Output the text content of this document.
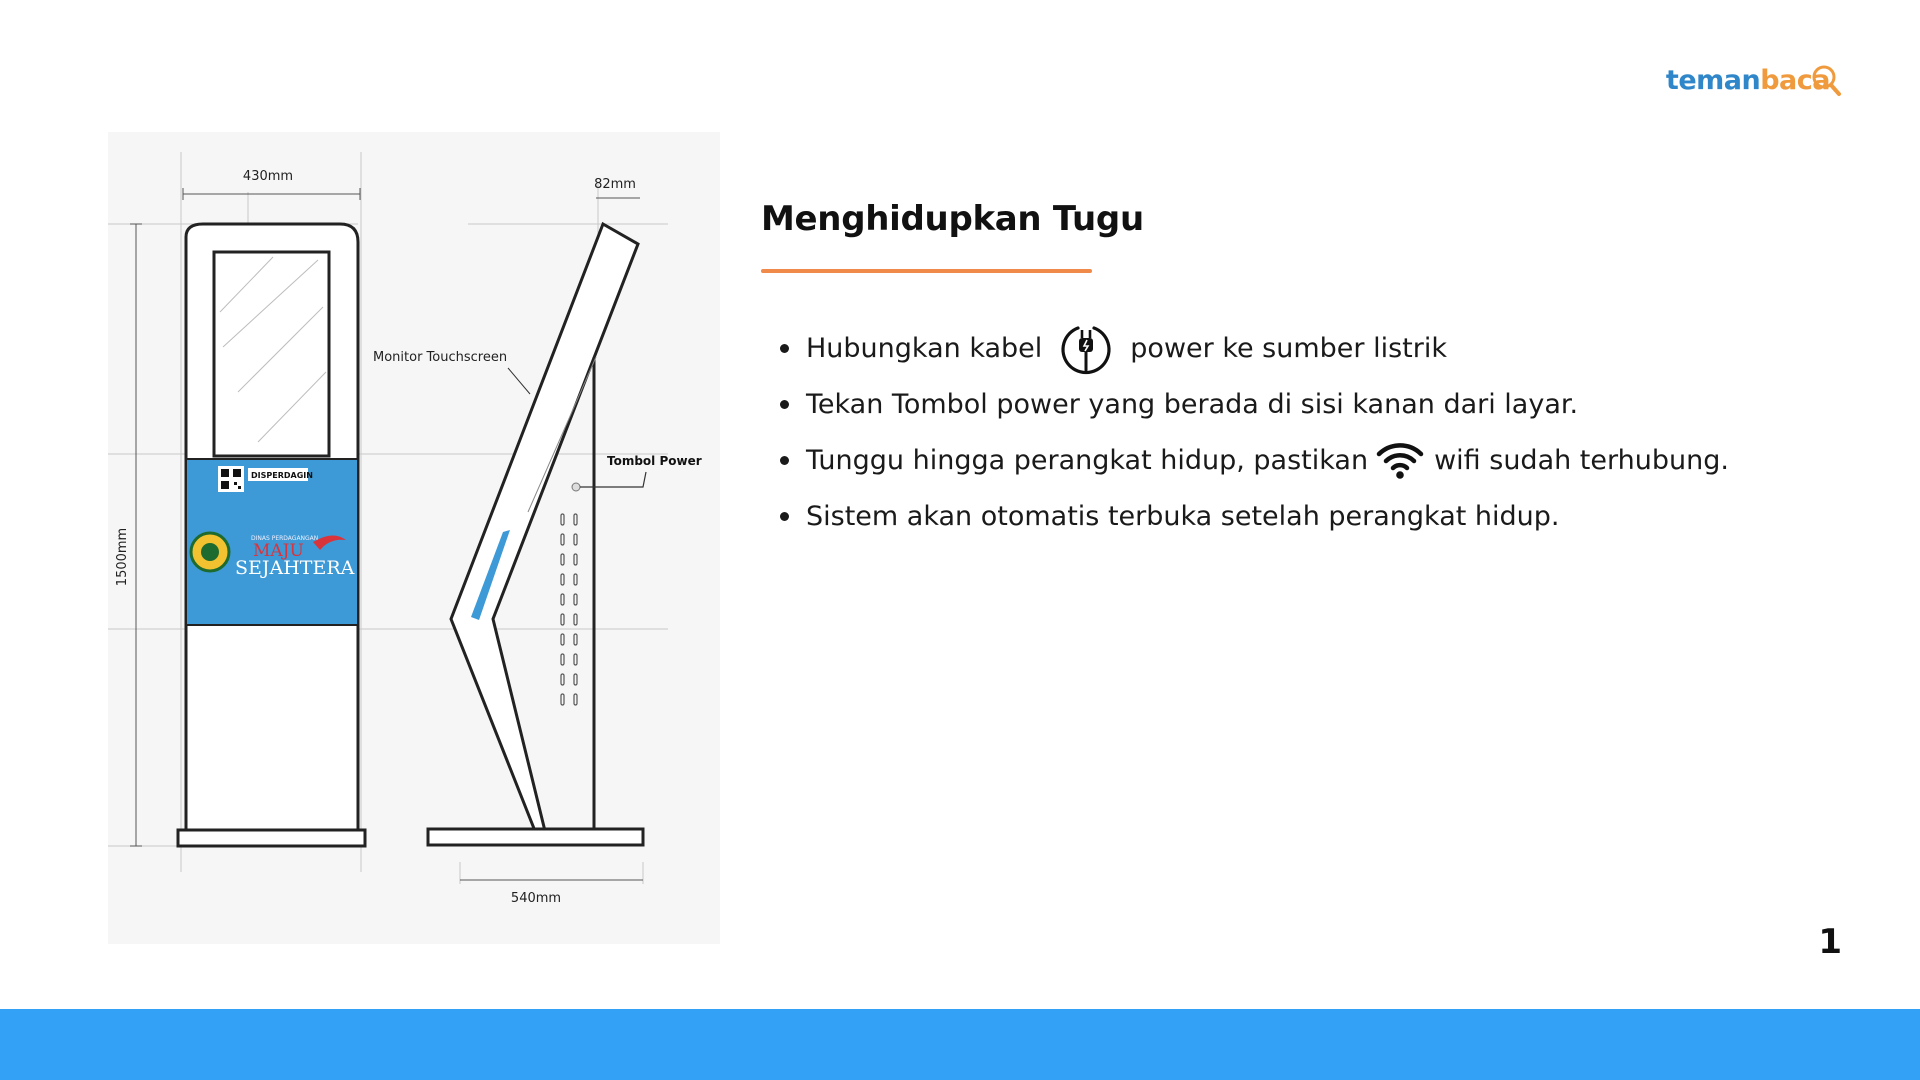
teman baca
430mm
82mm
1500mm
540mm
DISPERDAGIN
DINAS PERDAGANGAN
MAJU
SEJAHTERA
Tombol Power
Monitor Touchscreen
Menghidupkan Tugu
Hubungkan kabel	power ke sumber listrik
Tekan Tombol power yang berada di sisi kanan dari layar.
Tunggu hingga perangkat hidup, pastikan wifi sudah terhubung.
Sistem akan otomatis terbuka setelah perangkat hidup.
1
